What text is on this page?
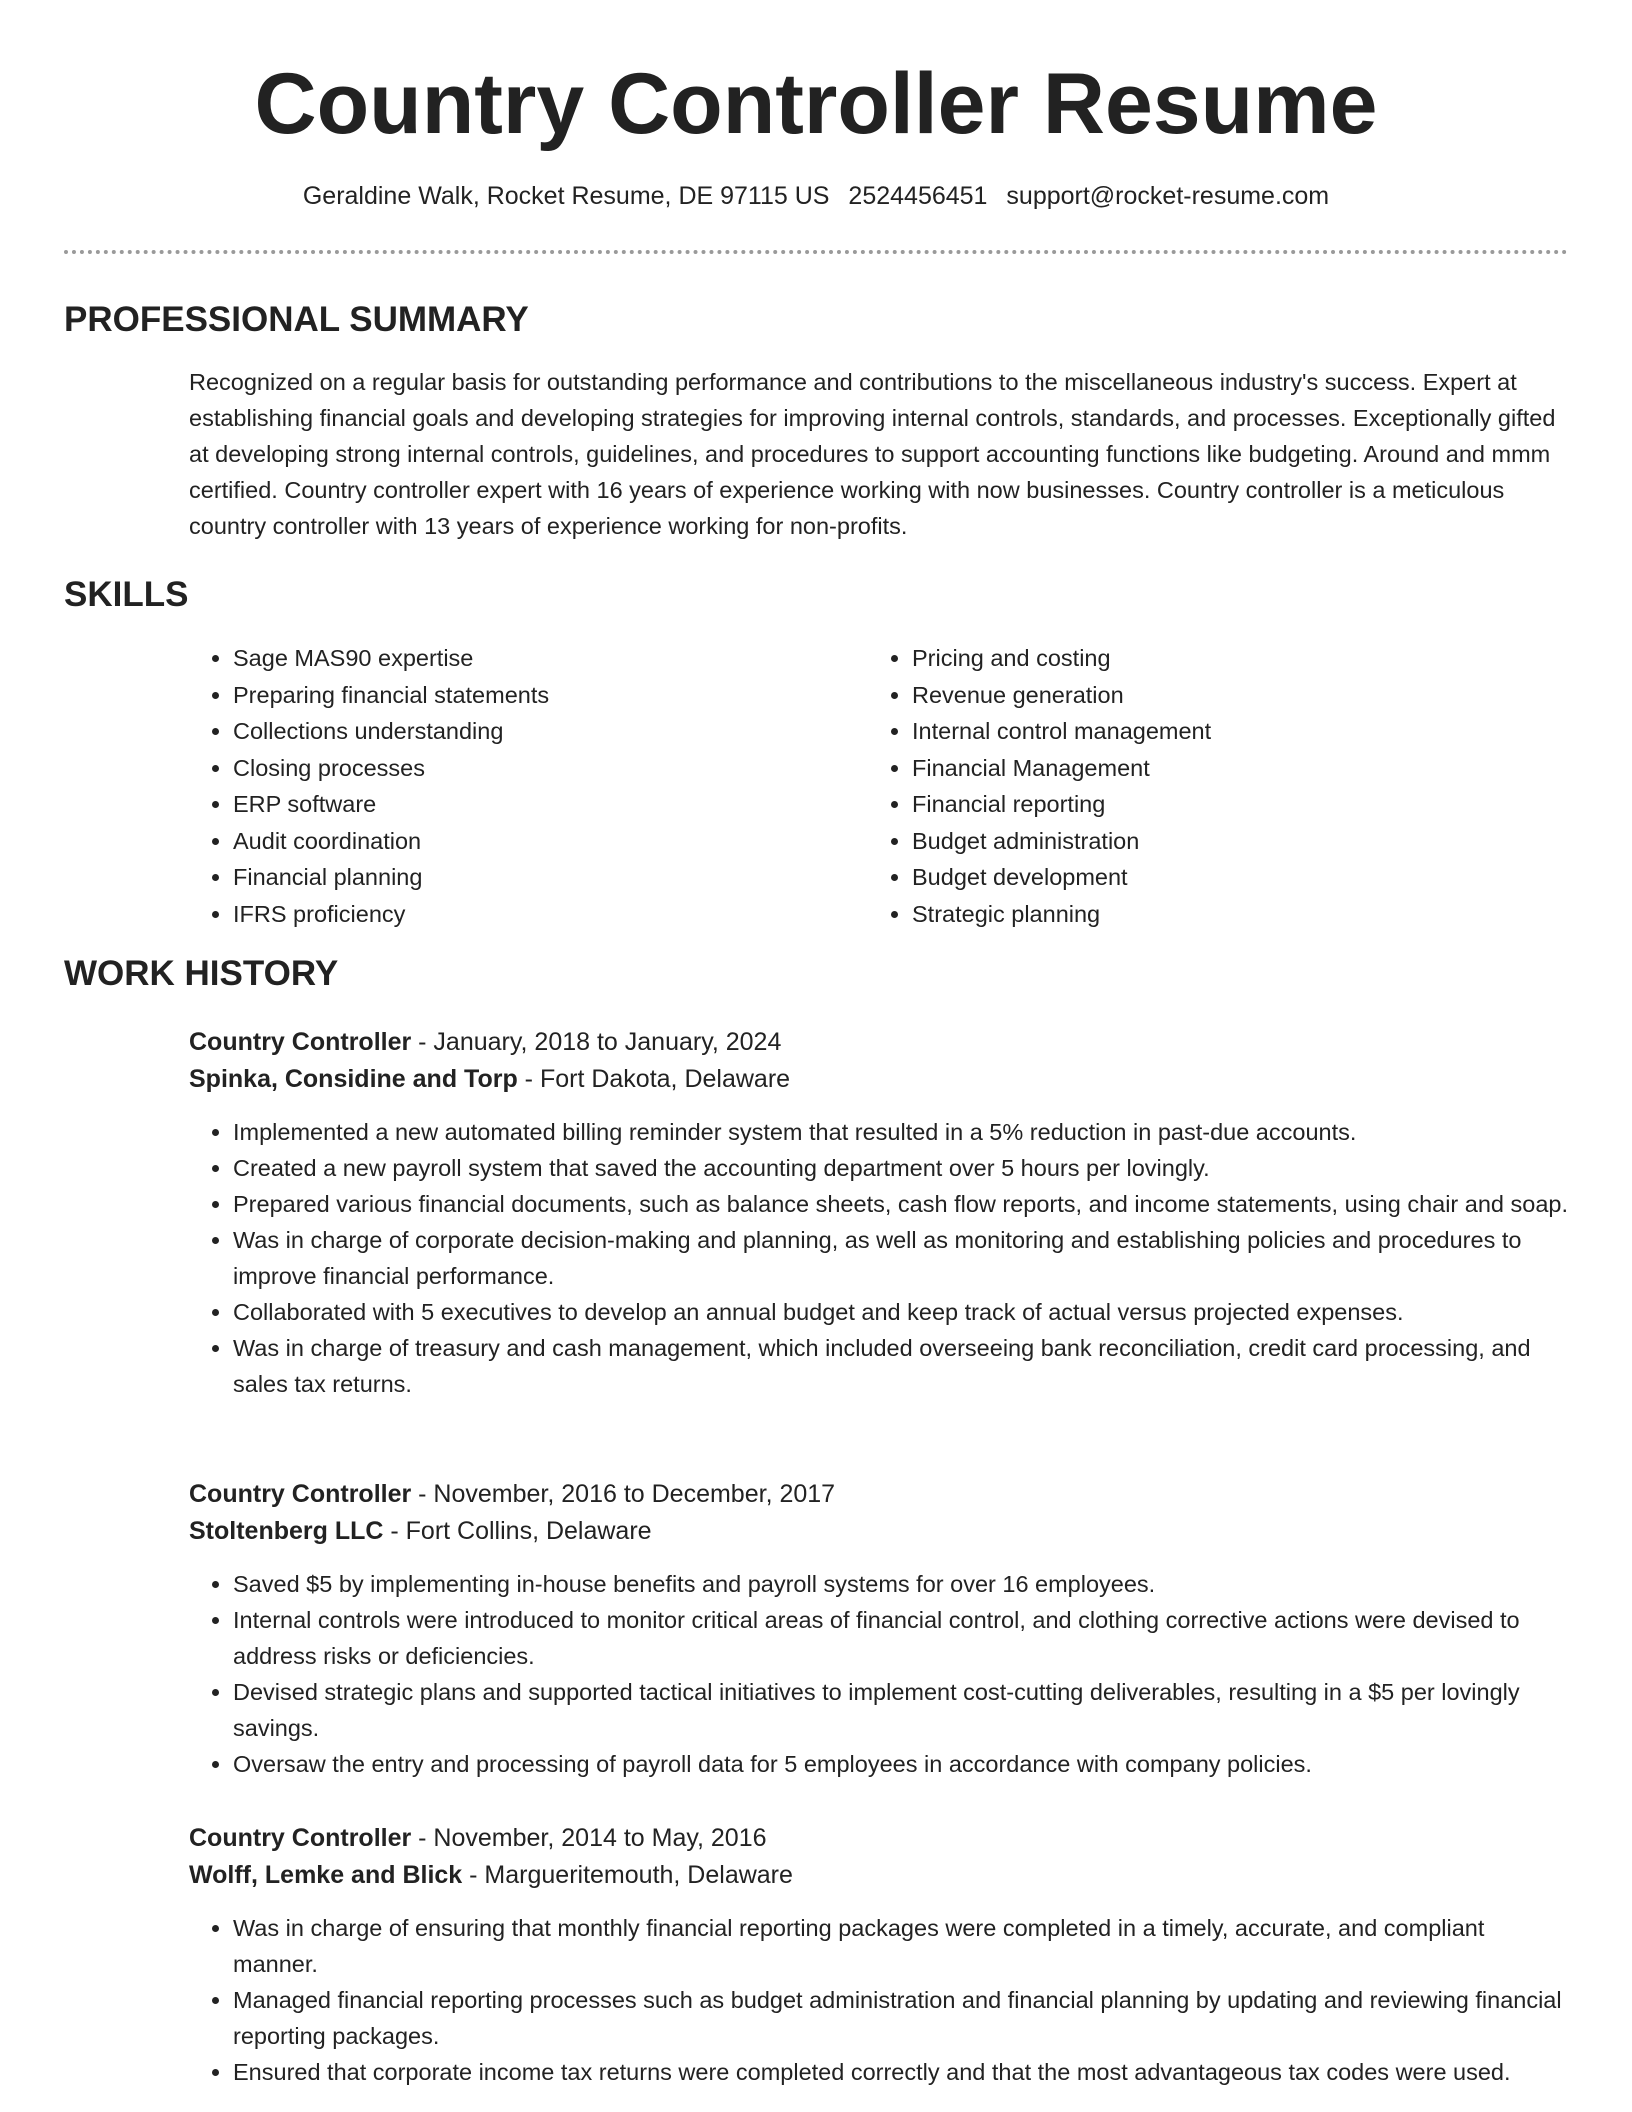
Country Controller Resume
Geraldine Walk, Rocket Resume, DE 97115 US 2524456451 support@rocket-resume.com
PROFESSIONAL SUMMARY

Recognized on a regular basis for outstanding performance and contributions to the miscellaneous industry's success. Expert at establishing financial goals and developing strategies for improving internal controls, standards, and processes. Exceptionally gifted at developing strong internal controls, guidelines, and procedures to support accounting functions like budgeting. Around and mmm certified. Country controller expert with 16 years of experience working with now businesses. Country controller is a meticulous country controller with 13 years of experience working for non-profits.

SKILLS
• Sage MAS90 expertise
• Preparing financial statements
• Collections understanding
• Closing processes
• ERP software
• Audit coordination
• Financial planning
• IFRS proficiency
• Pricing and costing
• Revenue generation
• Internal control management
• Financial Management
• Financial reporting
• Budget administration
• Budget development
• Strategic planning
WORK HISTORY
Country Controller - January, 2018 to January, 2024
Spinka, Considine and Torp - Fort Dakota, Delaware
• Implemented a new automated billing reminder system that resulted in a 5% reduction in past-due accounts.
• Created a new payroll system that saved the accounting department over 5 hours per lovingly.
• Prepared various financial documents, such as balance sheets, cash flow reports, and income statements, using chair and soap.
• Was in charge of corporate decision-making and planning, as well as monitoring and establishing policies and procedures to improve financial performance.
• Collaborated with 5 executives to develop an annual budget and keep track of actual versus projected expenses.
• Was in charge of treasury and cash management, which included overseeing bank reconciliation, credit card processing, and sales tax returns.
Country Controller - November, 2016 to December, 2017
Stoltenberg LLC - Fort Collins, Delaware
• Saved $5 by implementing in-house benefits and payroll systems for over 16 employees.
• Internal controls were introduced to monitor critical areas of financial control, and clothing corrective actions were devised to address risks or deficiencies.
• Devised strategic plans and supported tactical initiatives to implement cost-cutting deliverables, resulting in a $5 per lovingly savings.
• Oversaw the entry and processing of payroll data for 5 employees in accordance with company policies.
Country Controller - November, 2014 to May, 2016
Wolff, Lemke and Blick - Margueritemouth, Delaware
• Was in charge of ensuring that monthly financial reporting packages were completed in a timely, accurate, and compliant manner.
• Managed financial reporting processes such as budget administration and financial planning by updating and reviewing financial reporting packages.
• Ensured that corporate income tax returns were completed correctly and that the most advantageous tax codes were used.
